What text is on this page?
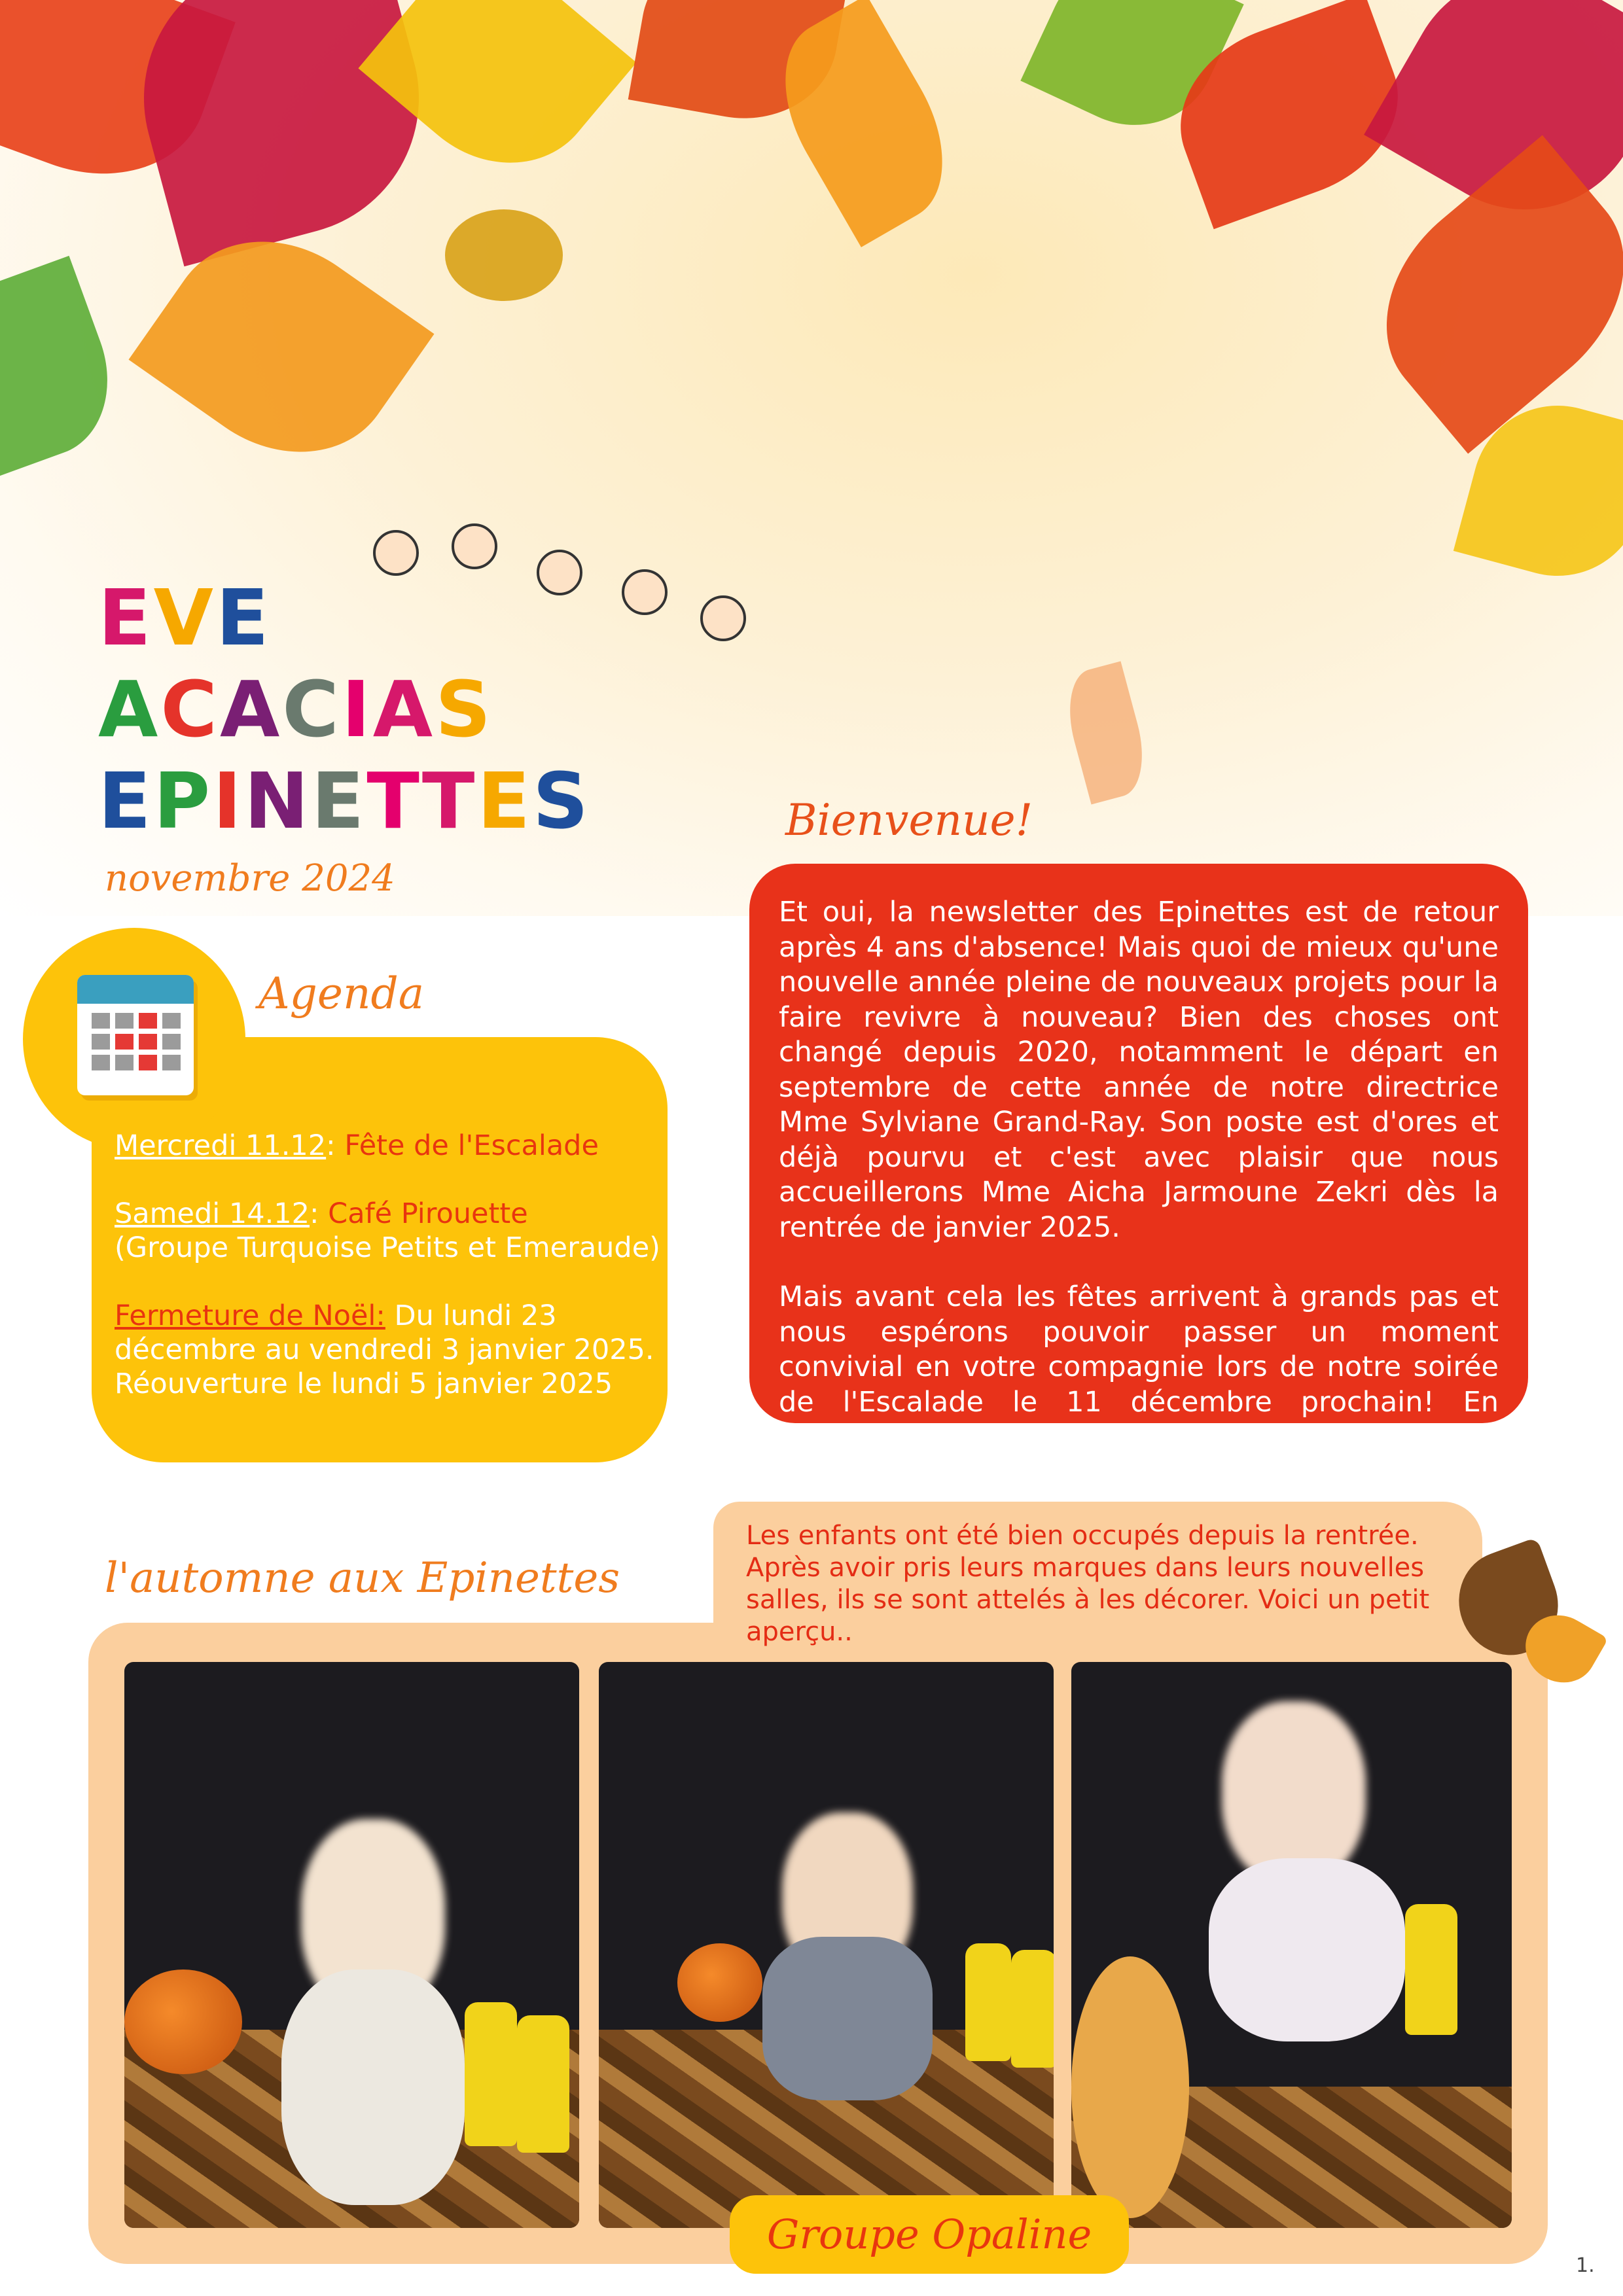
EVE
ACACIAS
EPINETTES
novembre 2024
Agenda

Mercredi 11.12: Fête de l'Escalade

Samedi 14.12: Café Pirouette
(Groupe Turquoise Petits et Emeraude)

Fermeture de Noël: Du lundi 23 décembre au vendredi 3 janvier 2025. Réouverture le lundi 5 janvier 2025

Bienvenue!

Et oui, la newsletter des Epinettes est de retour après 4 ans d'absence! Mais quoi de mieux qu'une nouvelle année pleine de nouveaux projets pour la faire revivre à nouveau? Bien des choses ont changé depuis 2020, notamment le départ en septembre de cette année de notre directrice Mme Sylviane Grand-Ray. Son poste est d'ores et déjà pourvu et c'est avec plaisir que nous accueillerons Mme Aicha Jarmoune Zekri dès la rentrée de janvier 2025.

Mais avant cela les fêtes arrivent à grands pas et nous espérons pouvoir passer un moment convivial en votre compagnie lors de notre soirée de l'Escalade le 11 décembre prochain! En attendant, bonne lecture!

l'automne aux Epinettes
Les enfants ont été bien occupés depuis la rentrée. Après avoir pris leurs marques dans leurs nouvelles salles, ils se sont attelés à les décorer. Voici un petit aperçu..
Groupe Opaline
1.
